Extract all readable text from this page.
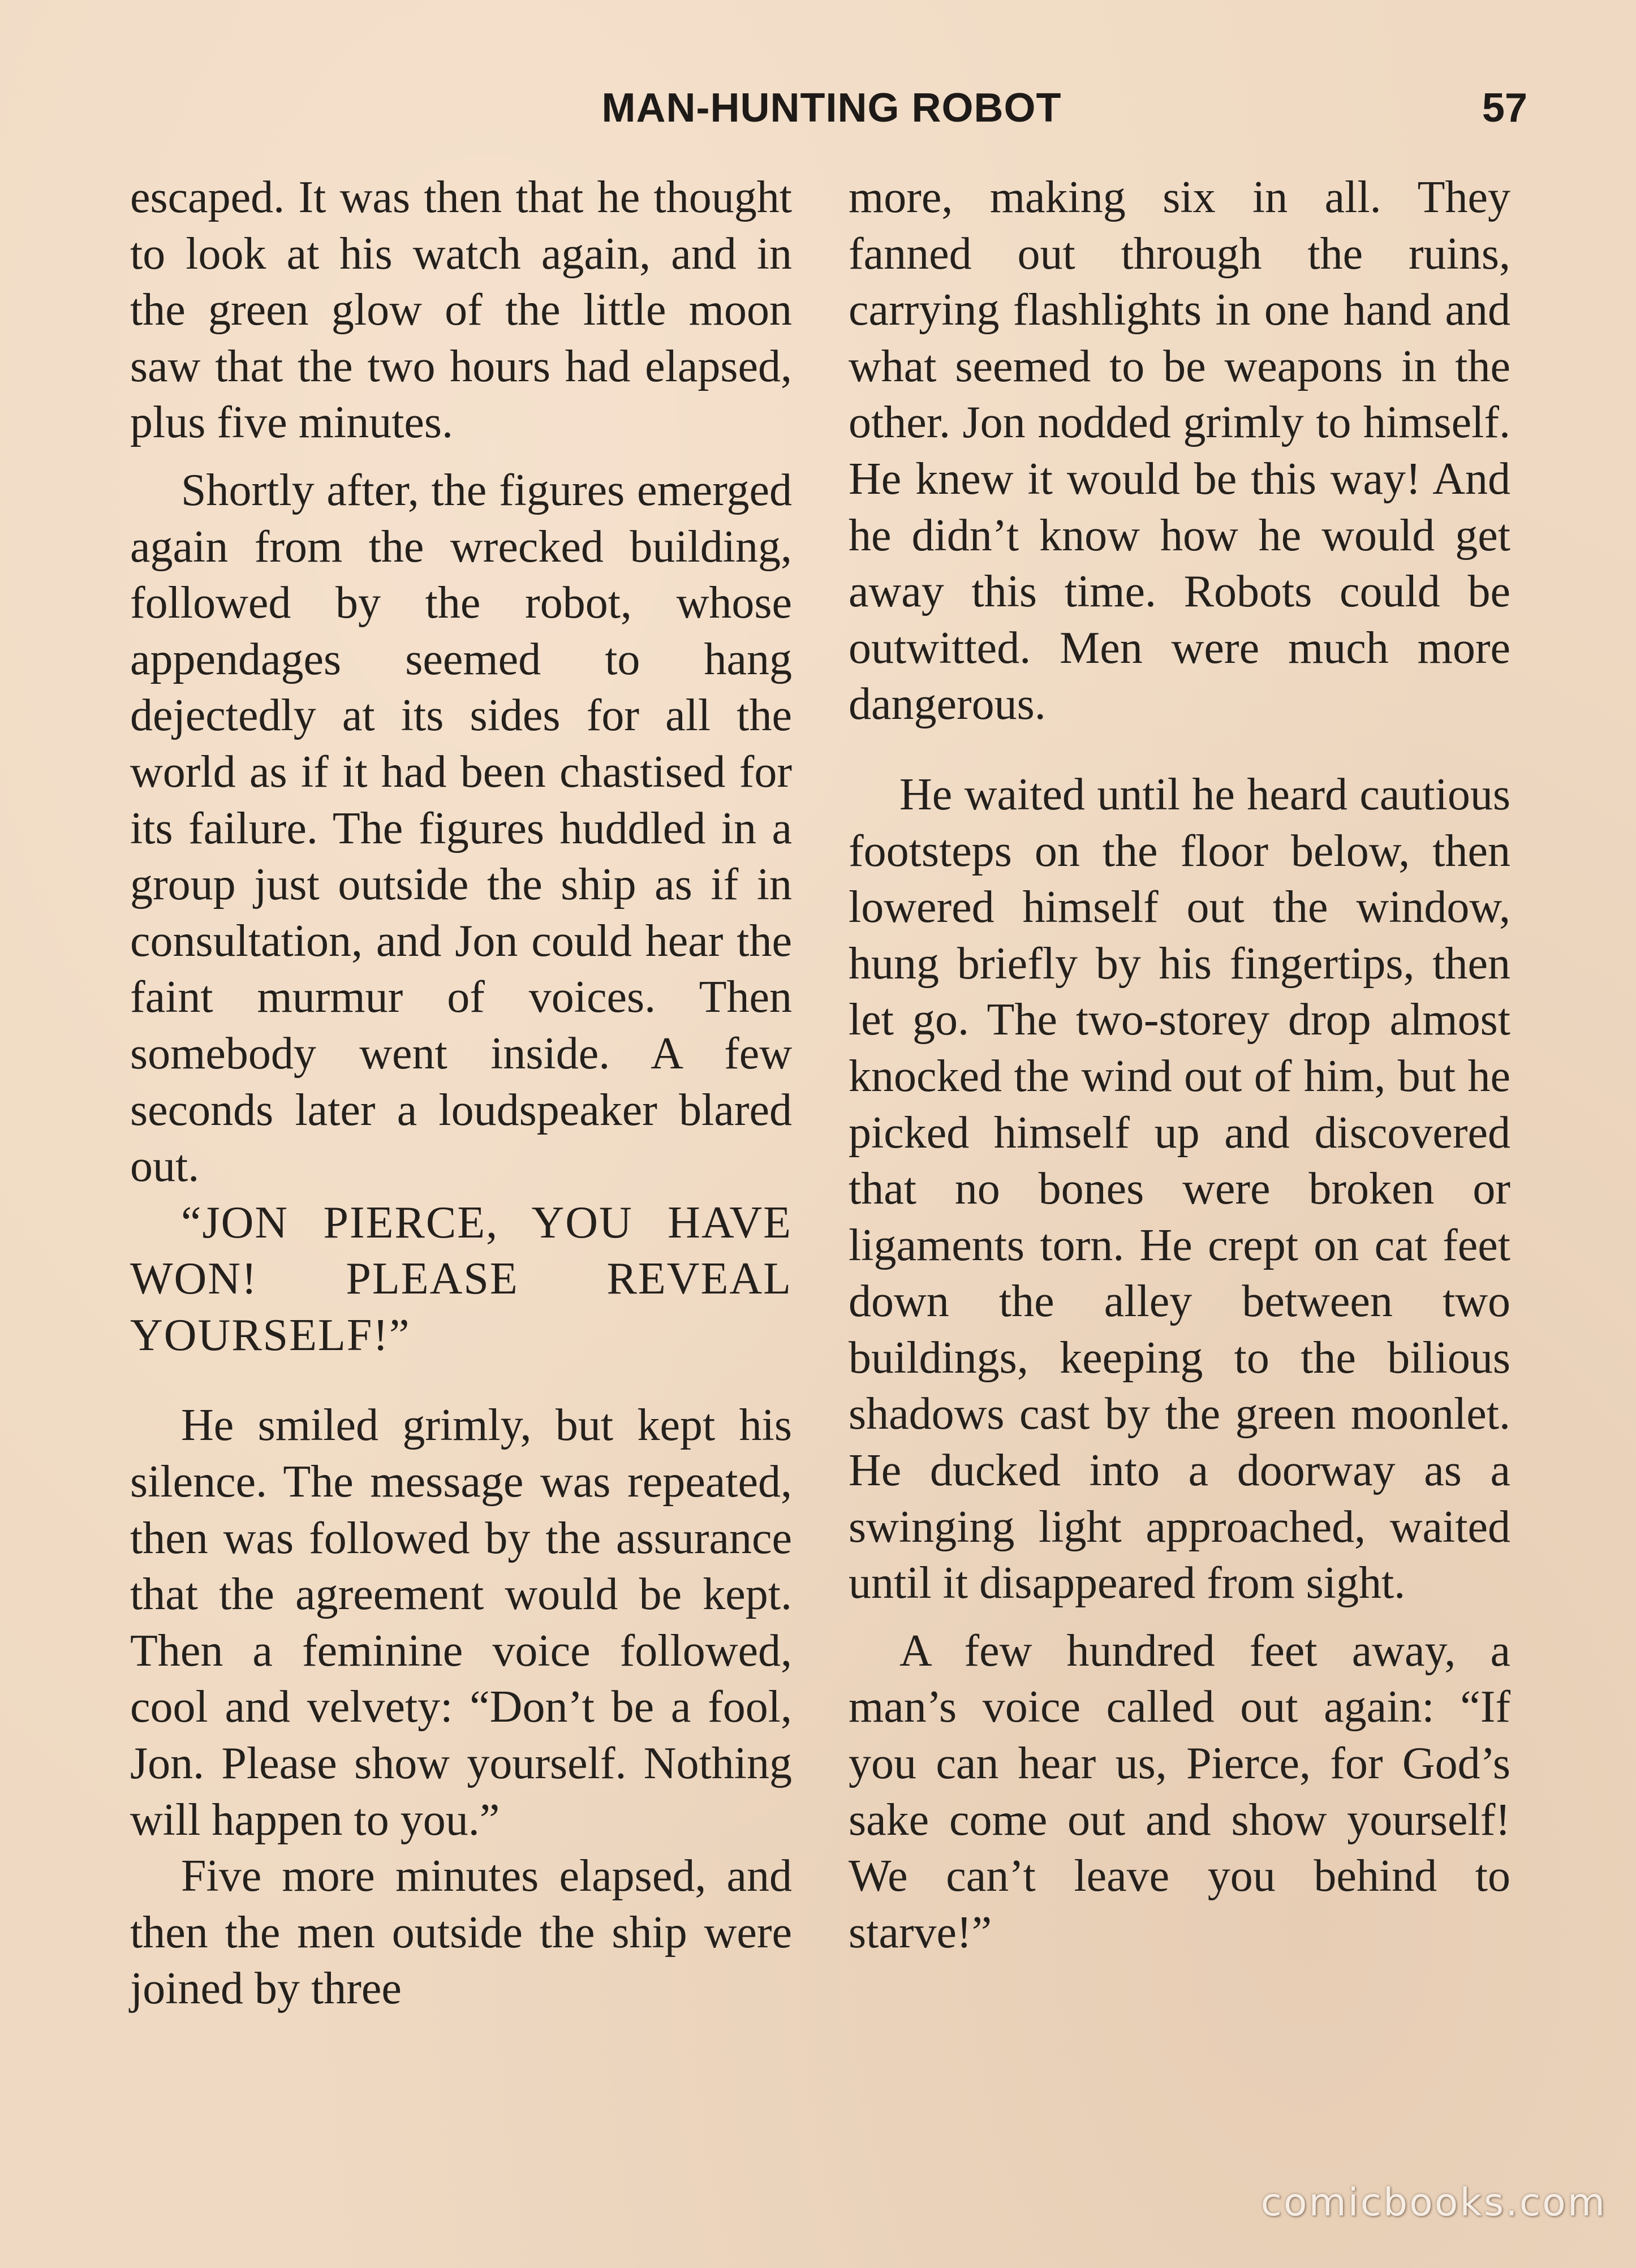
MAN-HUNTING ROBOT	57

escaped. It was then that he thought to look at his watch again, and in the green glow of the little moon saw that the two hours had elapsed, plus five minutes.

Shortly after, the figures emerged again from the wrecked building, followed by the robot, whose appendages seemed to hang dejectedly at its sides for all the world as if it had been chastised for its failure. The figures huddled in a group just outside the ship as if in consultation, and Jon could hear the faint murmur of voices. Then somebody went inside. A few seconds later a loudspeaker blared out.

“JON PIERCE, YOU HAVE WON! PLEASE REVEAL YOURSELF!”

He smiled grimly, but kept his silence. The message was repeated, then was followed by the assurance that the agreement would be kept. Then a feminine voice followed, cool and velvety: “Don’t be a fool, Jon. Please show yourself. Nothing will happen to you.”

Five more minutes elapsed, and then the men outside the ship were joined by three

more, making six in all. They fanned out through the ruins, carrying flashlights in one hand and what seemed to be weapons in the other. Jon nodded grimly to himself. He knew it would be this way! And he didn’t know how he would get away this time. Robots could be outwitted. Men were much more dangerous.

He waited until he heard cautious footsteps on the floor below, then lowered himself out the window, hung briefly by his fingertips, then let go. The two-storey drop almost knocked the wind out of him, but he picked himself up and discovered that no bones were broken or ligaments torn. He crept on cat feet down the alley between two buildings, keeping to the bilious shadows cast by the green moonlet. He ducked into a doorway as a swinging light approached, waited until it disappeared from sight.

A few hundred feet away, a man’s voice called out again: “If you can hear us, Pierce, for God’s sake come out and show yourself! We can’t leave you behind to starve!”

comicbooks.com
